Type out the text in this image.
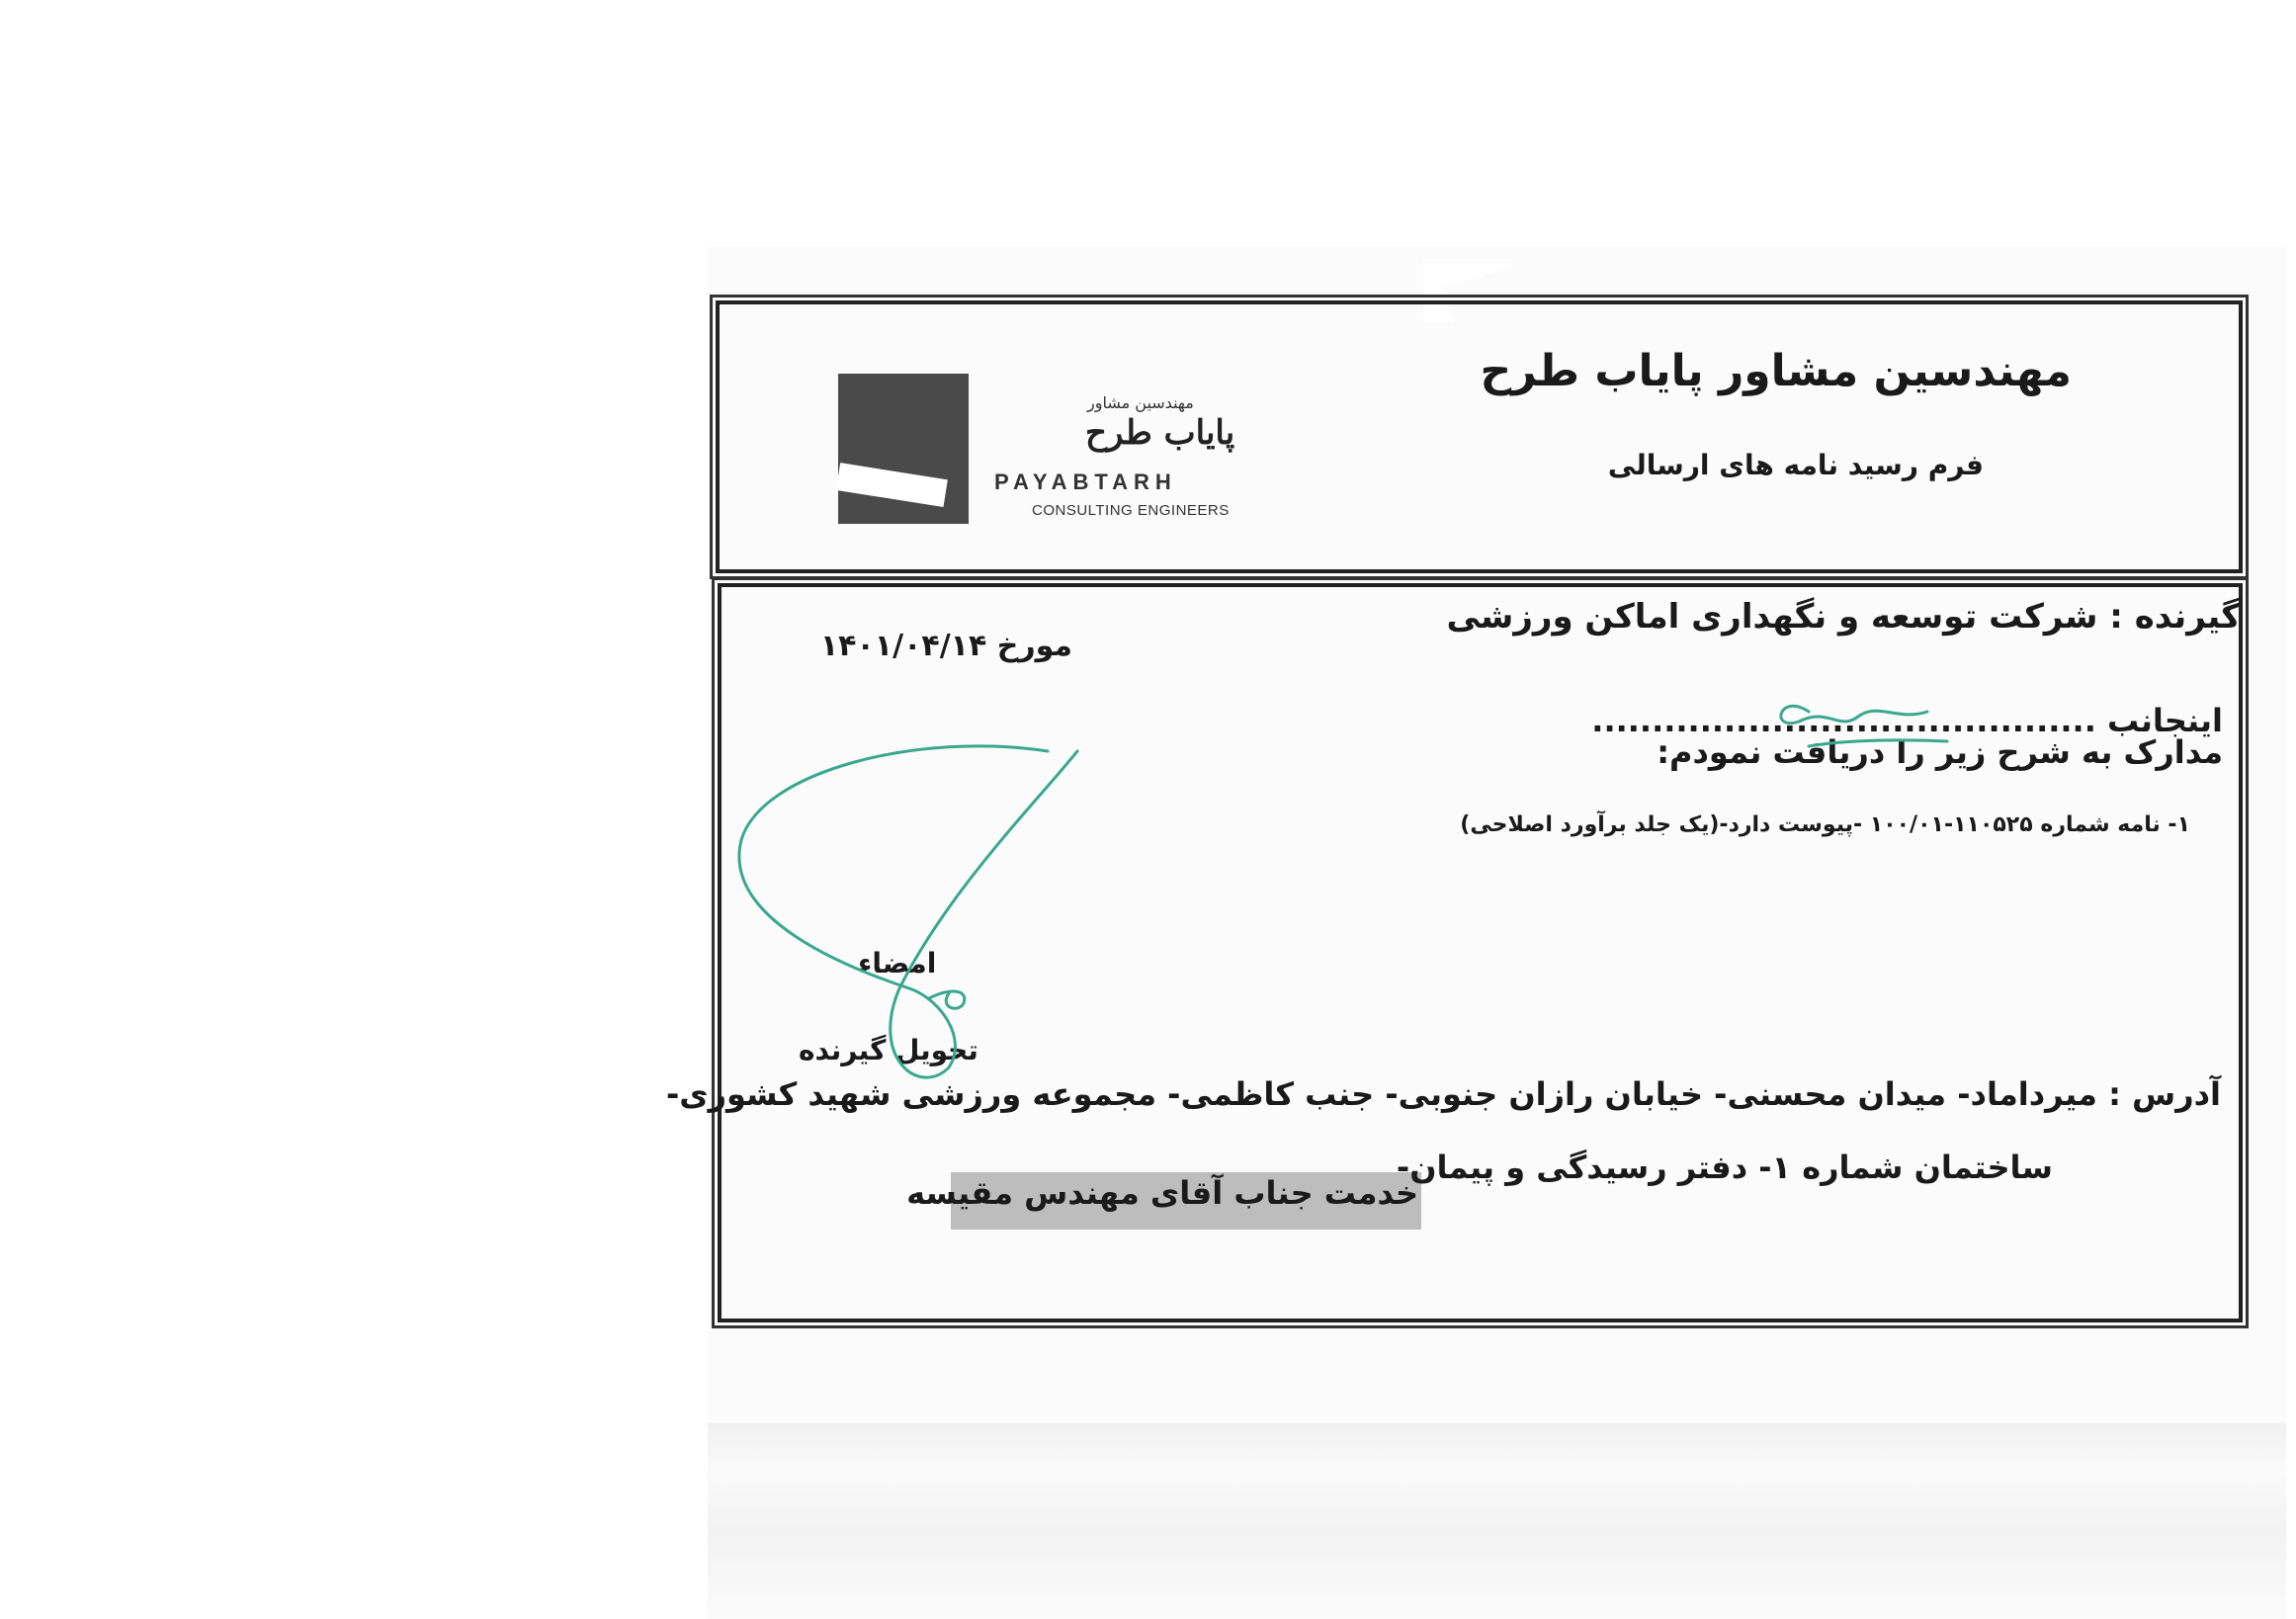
مهندسین مشاور
پایاب طرح
PAYABTARH
CONSULTING ENGINEERS
مهندسین مشاور پایاب طرح
فرم رسید نامه های ارسالی
گیرنده : شرکت توسعه و نگهداری اماکن ورزشی
مورخ ۱۴۰۱/۰۴/۱۴
اینجانب ..........................................
مدارک به شرح زیر را دریافت نمودم:
۱- نامه شماره ۱۱۰۵۲۵-۱۰۰/۰۱ -پیوست دارد-(یک جلد برآورد اصلاحی)
امضاء
تحویل گیرنده
آدرس : میرداماد- میدان محسنی- خیابان رازان جنوبی- جنب کاظمی- مجموعه ورزشی شهید کشوری-
ساختمان شماره ۱- دفتر رسیدگی و پیمان-
خدمت جناب آقای مهندس مقیسه
